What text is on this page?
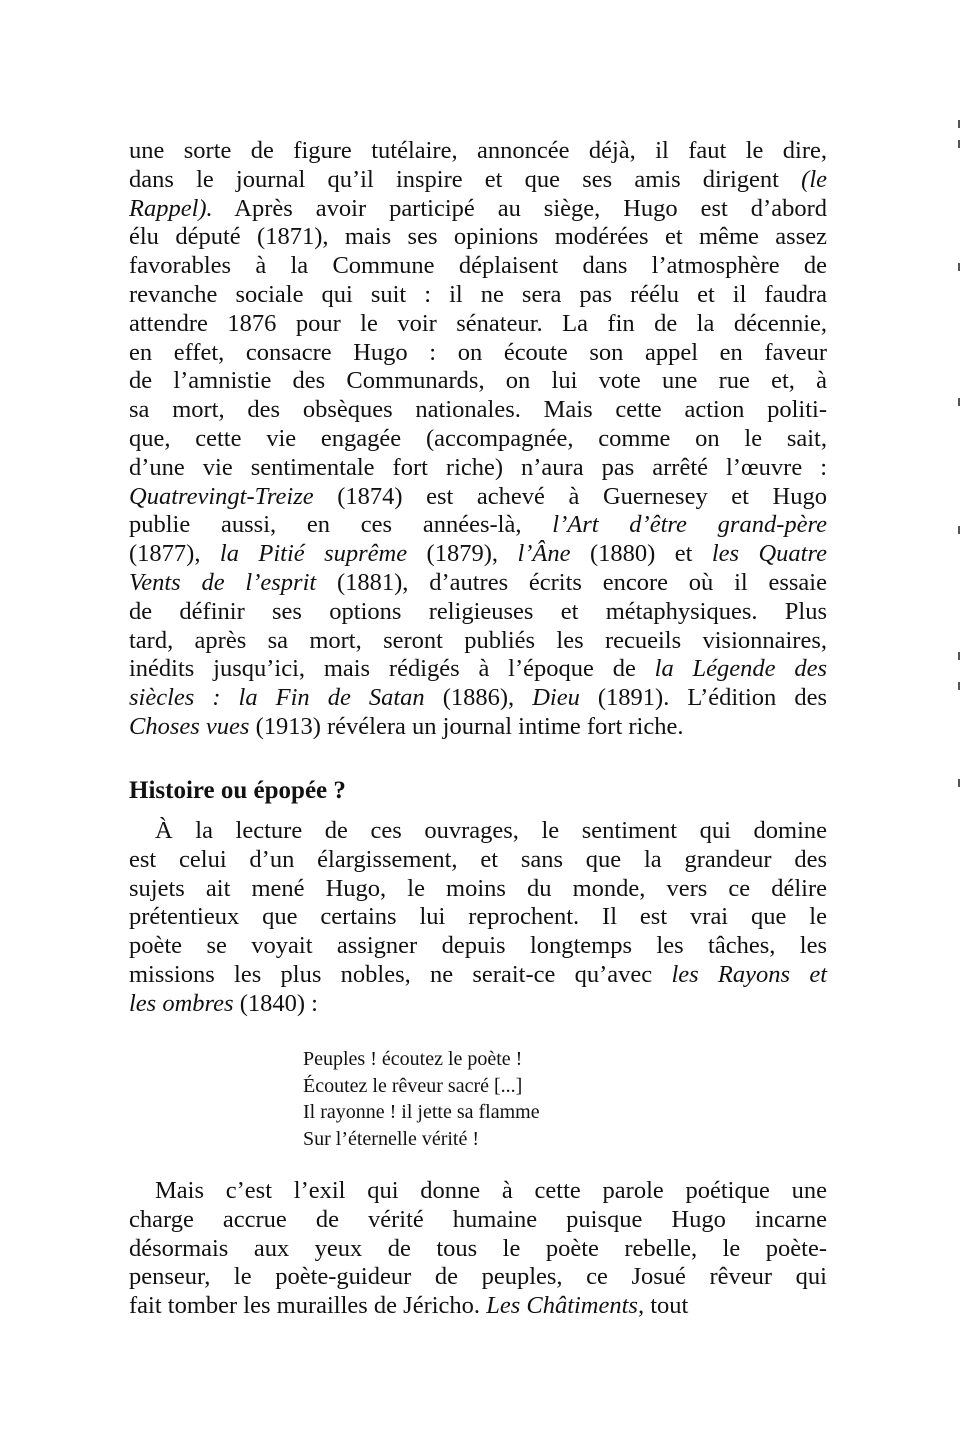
une sorte de figure tutélaire, annoncée déjà, il faut le dire,
dans le journal qu’il inspire et que ses amis dirigent (le
Rappel). Après avoir participé au siège, Hugo est d’abord
élu député (1871), mais ses opinions modérées et même assez
favorables à la Commune déplaisent dans l’atmosphère de
revanche sociale qui suit : il ne sera pas réélu et il faudra
attendre 1876 pour le voir sénateur. La fin de la décennie,
en effet, consacre Hugo : on écoute son appel en faveur
de l’amnistie des Communards, on lui vote une rue et, à
sa mort, des obsèques nationales. Mais cette action politi-
que, cette vie engagée (accompagnée, comme on le sait,
d’une vie sentimentale fort riche) n’aura pas arrêté l’œuvre :
Quatrevingt-Treize (1874) est achevé à Guernesey et Hugo
publie aussi, en ces années-là, l’Art d’être grand-père
(1877), la Pitié suprême (1879), l’Âne (1880) et les Quatre
Vents de l’esprit (1881), d’autres écrits encore où il essaie
de définir ses options religieuses et métaphysiques. Plus
tard, après sa mort, seront publiés les recueils visionnaires,
inédits jusqu’ici, mais rédigés à l’époque de la Légende des
siècles : la Fin de Satan (1886), Dieu (1891). L’édition des
Choses vues (1913) révélera un journal intime fort riche.
Histoire ou épopée ?
À la lecture de ces ouvrages, le sentiment qui domine
est celui d’un élargissement, et sans que la grandeur des
sujets ait mené Hugo, le moins du monde, vers ce délire
prétentieux que certains lui reprochent. Il est vrai que le
poète se voyait assigner depuis longtemps les tâches, les
missions les plus nobles, ne serait-ce qu’avec les Rayons et
les ombres (1840) :
Peuples ! écoutez le poète !
Écoutez le rêveur sacré [...]
Il rayonne ! il jette sa flamme
Sur l’éternelle vérité !
Mais c’est l’exil qui donne à cette parole poétique une
charge accrue de vérité humaine puisque Hugo incarne
désormais aux yeux de tous le poète rebelle, le poète-
penseur, le poète-guideur de peuples, ce Josué rêveur qui
fait tomber les murailles de Jéricho. Les Châtiments, tout
